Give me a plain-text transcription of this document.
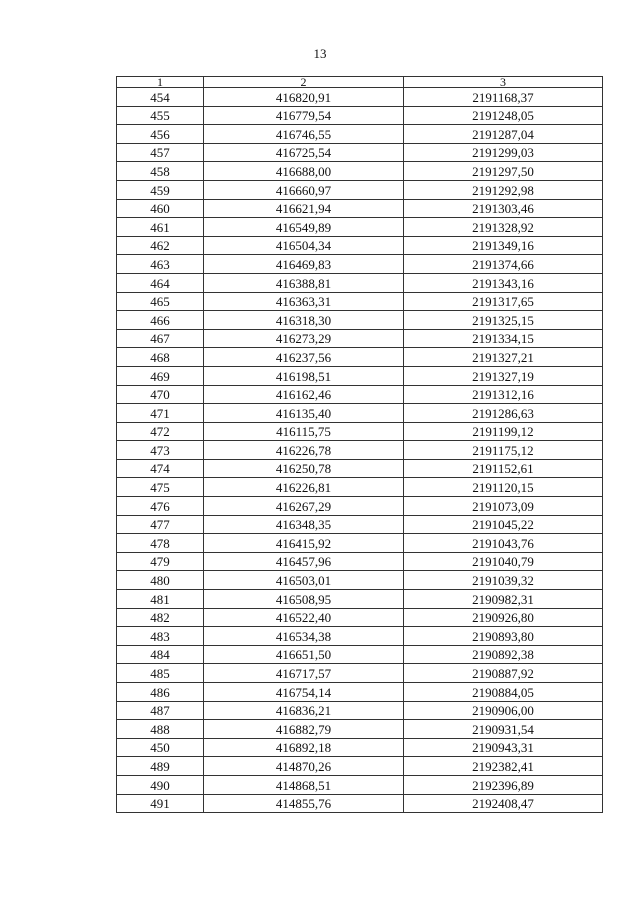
13
1	2	3
454	416820,91	2191168,37
455	416779,54	2191248,05
456	416746,55	2191287,04
457	416725,54	2191299,03
458	416688,00	2191297,50
459	416660,97	2191292,98
460	416621,94	2191303,46
461	416549,89	2191328,92
462	416504,34	2191349,16
463	416469,83	2191374,66
464	416388,81	2191343,16
465	416363,31	2191317,65
466	416318,30	2191325,15
467	416273,29	2191334,15
468	416237,56	2191327,21
469	416198,51	2191327,19
470	416162,46	2191312,16
471	416135,40	2191286,63
472	416115,75	2191199,12
473	416226,78	2191175,12
474	416250,78	2191152,61
475	416226,81	2191120,15
476	416267,29	2191073,09
477	416348,35	2191045,22
478	416415,92	2191043,76
479	416457,96	2191040,79
480	416503,01	2191039,32
481	416508,95	2190982,31
482	416522,40	2190926,80
483	416534,38	2190893,80
484	416651,50	2190892,38
485	416717,57	2190887,92
486	416754,14	2190884,05
487	416836,21	2190906,00
488	416882,79	2190931,54
450	416892,18	2190943,31
489	414870,26	2192382,41
490	414868,51	2192396,89
491	414855,76	2192408,47
